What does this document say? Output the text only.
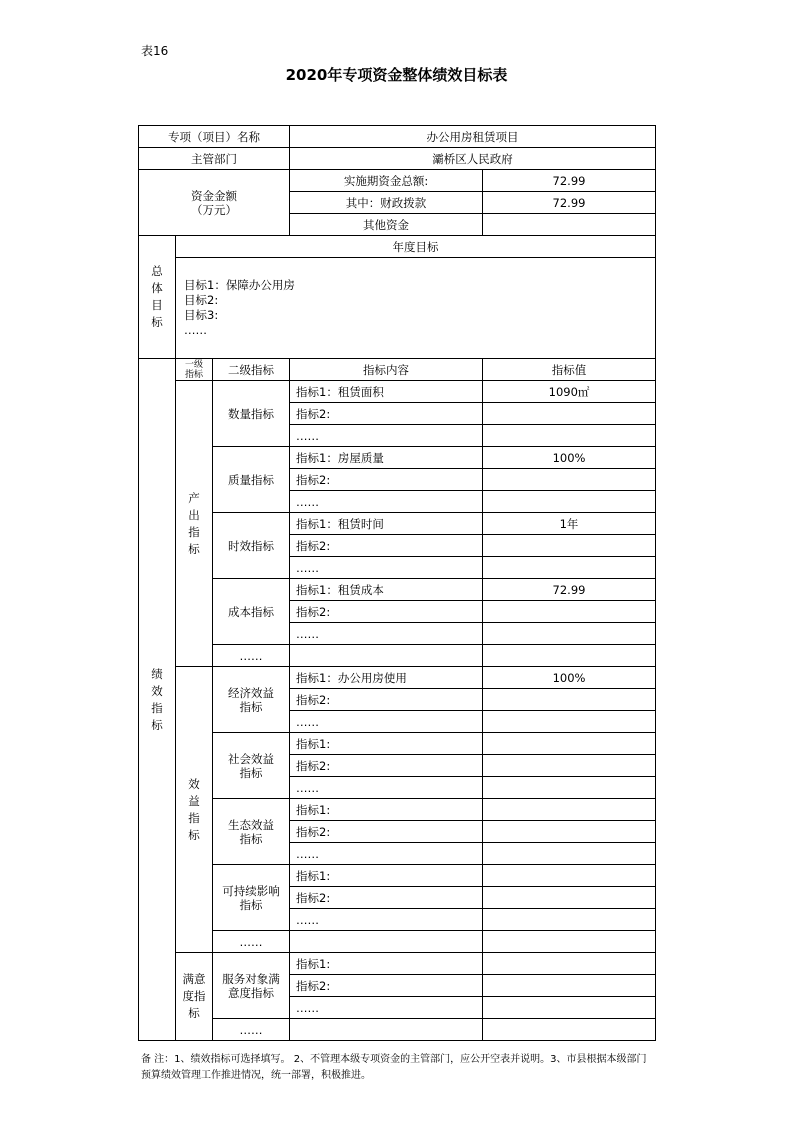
表16
2020年专项资金整体绩效目标表
专项（项目）名称			办公用房租赁项目	
主管部门			灞桥区人民政府	

资金金额
（万元）			实施期资金总额:	72.99
			其中：财政拨款	72.99
			其他资金	
总体目标	年度目标			

	目标1：保障办公用房
目标2:
目标3:
……			

绩效指标	一级指标	二级指标	指标内容	指标值
	产出指标	数量指标	指标1：租赁面积	1090㎡
			指标2:	
			……	
		质量指标	指标1：房屋质量	100%
			指标2:	
			……	
		时效指标	指标1：租赁时间	1年
			指标2:	
			……	
		成本指标	指标1：租赁成本	72.99
			指标2:	
			……	
		……		
	效益指标	经济效益指标	指标1：办公用房使用	100%
			指标2:	
			……	
		社会效益指标	指标1:	
			指标2:	
			……	
		生态效益指标	指标1:	
			指标2:	
			……	
		可持续影响指标	指标1:	
			指标2:	
			……	
		……		
	满意度指标	服务对象满意度指标	指标1:	
			指标2:	
			……	
		……		
备 注：1、绩效指标可选择填写。 2、不管理本级专项资金的主管部门，应公开空表并说明。3、市县根据本级部门预算绩效管理工作推进情况，统一部署，积极推进。
